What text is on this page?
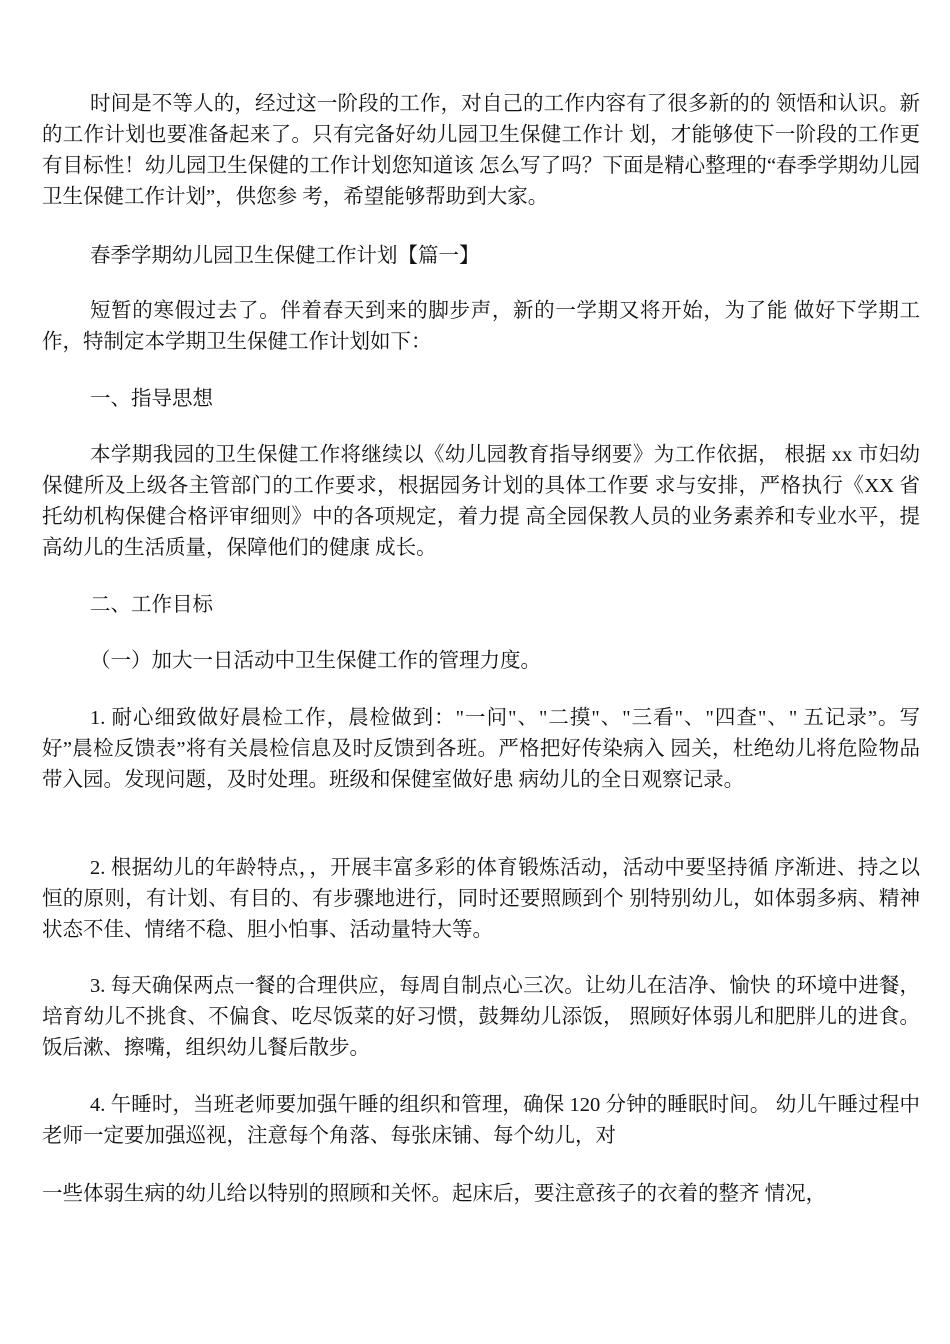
时间是不等人的，经过这一阶段的工作，对自己的工作内容有了很多新的的 领悟和认识。新的工作计划也要准备起来了。只有完备好幼儿园卫生保健工作计 划，才能够使下一阶段的工作更有目标性！幼儿园卫生保健的工作计划您知道该 怎么写了吗？下面是精心整理的“春季学期幼儿园卫生保健工作计划”，供您参 考，希望能够帮助到大家。

春季学期幼儿园卫生保健工作计划【篇一】

短暂的寒假过去了。伴着春天到来的脚步声，新的一学期又将开始，为了能 做好下学期工作，特制定本学期卫生保健工作计划如下：

一、指导思想

本学期我园的卫生保健工作将继续以《幼儿园教育指导纲要》为工作依据， 根据 xx 市妇幼保健所及上级各主管部门的工作要求，根据园务计划的具体工作要 求与安排，严格执行《XX 省托幼机构保健合格评审细则》中的各项规定，着力提 高全园保教人员的业务素养和专业水平，提高幼儿的生活质量，保障他们的健康 成长。

二、工作目标

（一）加大一日活动中卫生保健工作的管理力度。

1. 耐心细致做好晨检工作，晨检做到："一问"、"二摸"、"三看"、"四查"、" 五记录”。写好”晨检反馈表”将有关晨检信息及时反馈到各班。严格把好传染病入 园关，杜绝幼儿将危险物品带入园。发现问题，及时处理。班级和保健室做好患 病幼儿的全日观察记录。

2. 根据幼儿的年龄特点，，开展丰富多彩的体育锻炼活动，活动中要坚持循 序渐进、持之以恒的原则，有计划、有目的、有步骤地进行，同时还要照顾到个 别特别幼儿，如体弱多病、精神状态不佳、情绪不稳、胆小怕事、活动量特大等。

3. 每天确保两点一餐的合理供应，每周自制点心三次。让幼儿在洁净、愉快 的环境中进餐，培育幼儿不挑食、不偏食、吃尽饭菜的好习惯，鼓舞幼儿添饭， 照顾好体弱儿和肥胖儿的进食。饭后漱、擦嘴，组织幼儿餐后散步。

4. 午睡时，当班老师要加强午睡的组织和管理，确保 120 分钟的睡眠时间。 幼儿午睡过程中老师一定要加强巡视，注意每个角落、每张床铺、每个幼儿，对

一些体弱生病的幼儿给以特别的照顾和关怀。起床后，要注意孩子的衣着的整齐 情况，
